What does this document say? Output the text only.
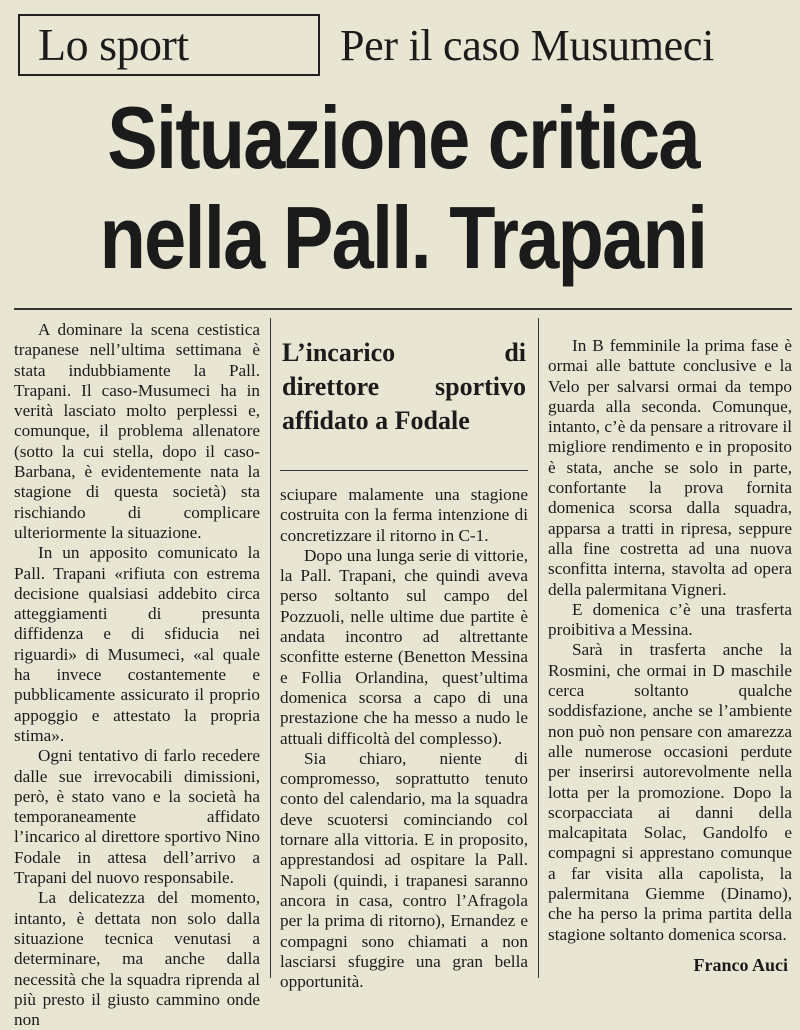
Lo sport	Per il caso Musumeci
Situazione critica
nella Pall. Trapani

A dominare la scena cestistica trapanese nell’ultima settimana è stata indubbiamente la Pall. Trapani. Il caso-Musumeci ha in verità lasciato molto perplessi e, comunque, il problema allenatore (sotto la cui stella, dopo il caso-Barbana, è evidentemente nata la stagione di questa società) sta rischiando di complicare ulteriormente la situazione.

In un apposito comunicato la Pall. Trapani «rifiuta con estrema decisione qualsiasi addebito circa atteggiamenti di presunta diffidenza e di sfiducia nei riguardi» di Musumeci, «al quale ha invece costantemente e pubblicamente assicurato il proprio appoggio e attestato la propria stima».

Ogni tentativo di farlo recedere dalle sue irrevocabili dimissioni, però, è stato vano e la società ha temporaneamente affidato l’incarico al direttore sportivo Nino Fodale in attesa dell’arrivo a Trapani del nuovo responsabile.

La delicatezza del momento, intanto, è dettata non solo dalla situazione tecnica venutasi a determinare, ma anche dalla necessità che la squadra riprenda al più presto il giusto cammino onde non

L’incarico di direttore sportivo affidato a Fodale

sciupare malamente una stagione costruita con la ferma intenzione di concretizzare il ritorno in C-1.

Dopo una lunga serie di vittorie, la Pall. Trapani, che quindi aveva perso soltanto sul campo del Pozzuoli, nelle ultime due partite è andata incontro ad altrettante sconfitte esterne (Benetton Messina e Follia Orlandina, quest’ultima domenica scorsa a capo di una prestazione che ha messo a nudo le attuali difficoltà del complesso).

Sia chiaro, niente di compromesso, soprattutto tenuto conto del calendario, ma la squadra deve scuotersi cominciando col tornare alla vittoria. E in proposito, apprestandosi ad ospitare la Pall. Napoli (quindi, i trapanesi saranno ancora in casa, contro l’Afragola per la prima di ritorno), Ernandez e compagni sono chiamati a non lasciarsi sfuggire una gran bella opportunità.

In B femminile la prima fase è ormai alle battute conclusive e la Velo per salvarsi ormai da tempo guarda alla seconda. Comunque, intanto, c’è da pensare a ritrovare il migliore rendimento e in proposito è stata, anche se solo in parte, confortante la prova fornita domenica scorsa dalla squadra, apparsa a tratti in ripresa, seppure alla fine costretta ad una nuova sconfitta interna, stavolta ad opera della palermitana Vigneri.

E domenica c’è una trasferta proibitiva a Messina.

Sarà in trasferta anche la Rosmini, che ormai in D maschile cerca soltanto qualche soddisfazione, anche se l’ambiente non può non pensare con amarezza alle numerose occasioni perdute per inserirsi autorevolmente nella lotta per la promozione. Dopo la scorpacciata ai danni della malcapitata Solac, Gandolfo e compagni si apprestano comunque a far visita alla capolista, la palermitana Giemme (Dinamo), che ha perso la prima partita della stagione soltanto domenica scorsa.

Franco Auci
